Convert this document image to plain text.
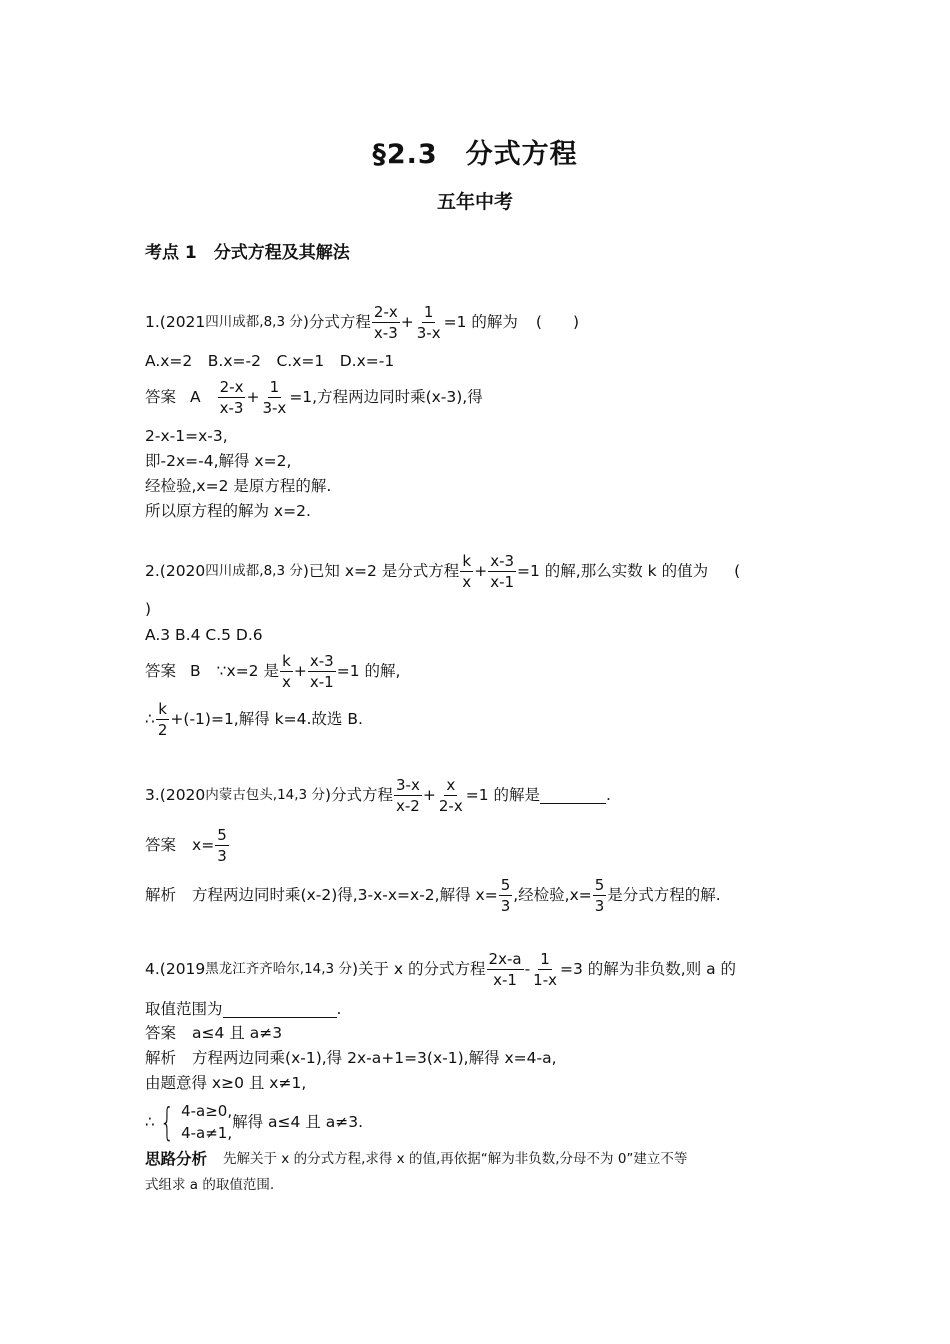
§2.3　分式方程
五年中考
考点 1　分式方程及其解法
1.(2021 四川成都,8,3 分 )分式方程 $\frac{2-x}{x-3} + \frac{1}{3-x} =1$ 的解为 (　　)
A.x=2　B.x=-2　C.x=1　D.x=-1
答案 A $\frac{2-x}{x-3} + \frac{1}{3-x} =1$,方程两边同时乘(x-3),得
2-x-1=x-3,
即-2x=-4,解得 x=2,
经检验,x=2 是原方程的解.
所以原方程的解为 x=2.
2.(2020 四川成都,8,3 分 )已知 x=2 是分式方程 $\frac{k}{x} + \frac{x-3}{x-1} =1$ 的解,那么实数 k 的值为 (
)
A.3 B.4 C.5 D.6
答案 B ∵x=2 是 $\frac{k}{x} + \frac{x-3}{x-1} =1$ 的解,
∴ $\frac{k}{2} +(-1)=1$,解得 k=4.故选 B.
3.(2020 内蒙古包头,14,3 分 )分式方程 $\frac{3-x}{x-2} + \frac{x}{2-x} =1$ 的解是	.
答案 $x= \frac{5}{3}$
解析 方程两边同时乘(x-2)得,3-x-x=x-2,解得 $x= \frac{5}{3}$ ,经检验$,x= \frac{5}{3}$ 是分式方程的解.
4.(2019 黑龙江齐齐哈尔,14,3 分 )关于 x 的分式方程 $\frac{2x-a}{x-1} - \frac{1}{1-x} =3$ 的解为非负数,则 a 的
取值范围为	.
答案 a≤4 且 a≠3
解析 方程两边同乘(x-1),得 2x-a+1=3(x-1),解得 x=4-a,
由题意得 x≥0 且 x≠1,
∴ { 4-a≥0,
4-a≠1,
解得 a≤4 且 a≠3.
思路分析 先解关于 x 的分式方程,求得 x 的值,再依据“解为非负数,分母不为 0”建立不等
式组求 a 的取值范围.
